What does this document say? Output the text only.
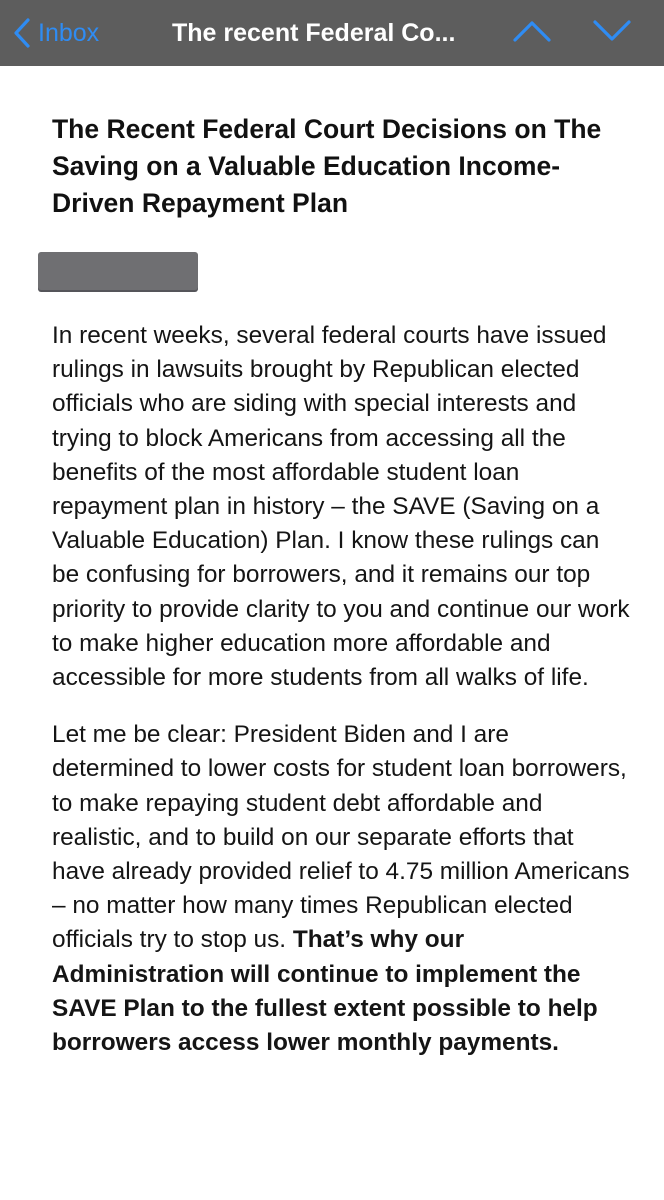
Inbox	The recent Federal Co...
The Recent Federal Court Decisions on The Saving on a Valuable Education Income-Driven Repayment Plan

In recent weeks, several federal courts have issued rulings in lawsuits brought by Republican elected officials who are siding with special interests and trying to block Americans from accessing all the benefits of the most affordable student loan repayment plan in history – the SAVE (Saving on a Valuable Education) Plan. I know these rulings can be confusing for borrowers, and it remains our top priority to provide clarity to you and continue our work to make higher education more affordable and accessible for more students from all walks of life.

Let me be clear: President Biden and I are determined to lower costs for student loan borrowers, to make repaying student debt affordable and realistic, and to build on our separate efforts that have already provided relief to 4.75 million Americans – no matter how many times Republican elected officials try to stop us. That’s why our Administration will continue to implement the SAVE Plan to the fullest extent possible to help borrowers access lower monthly payments.
